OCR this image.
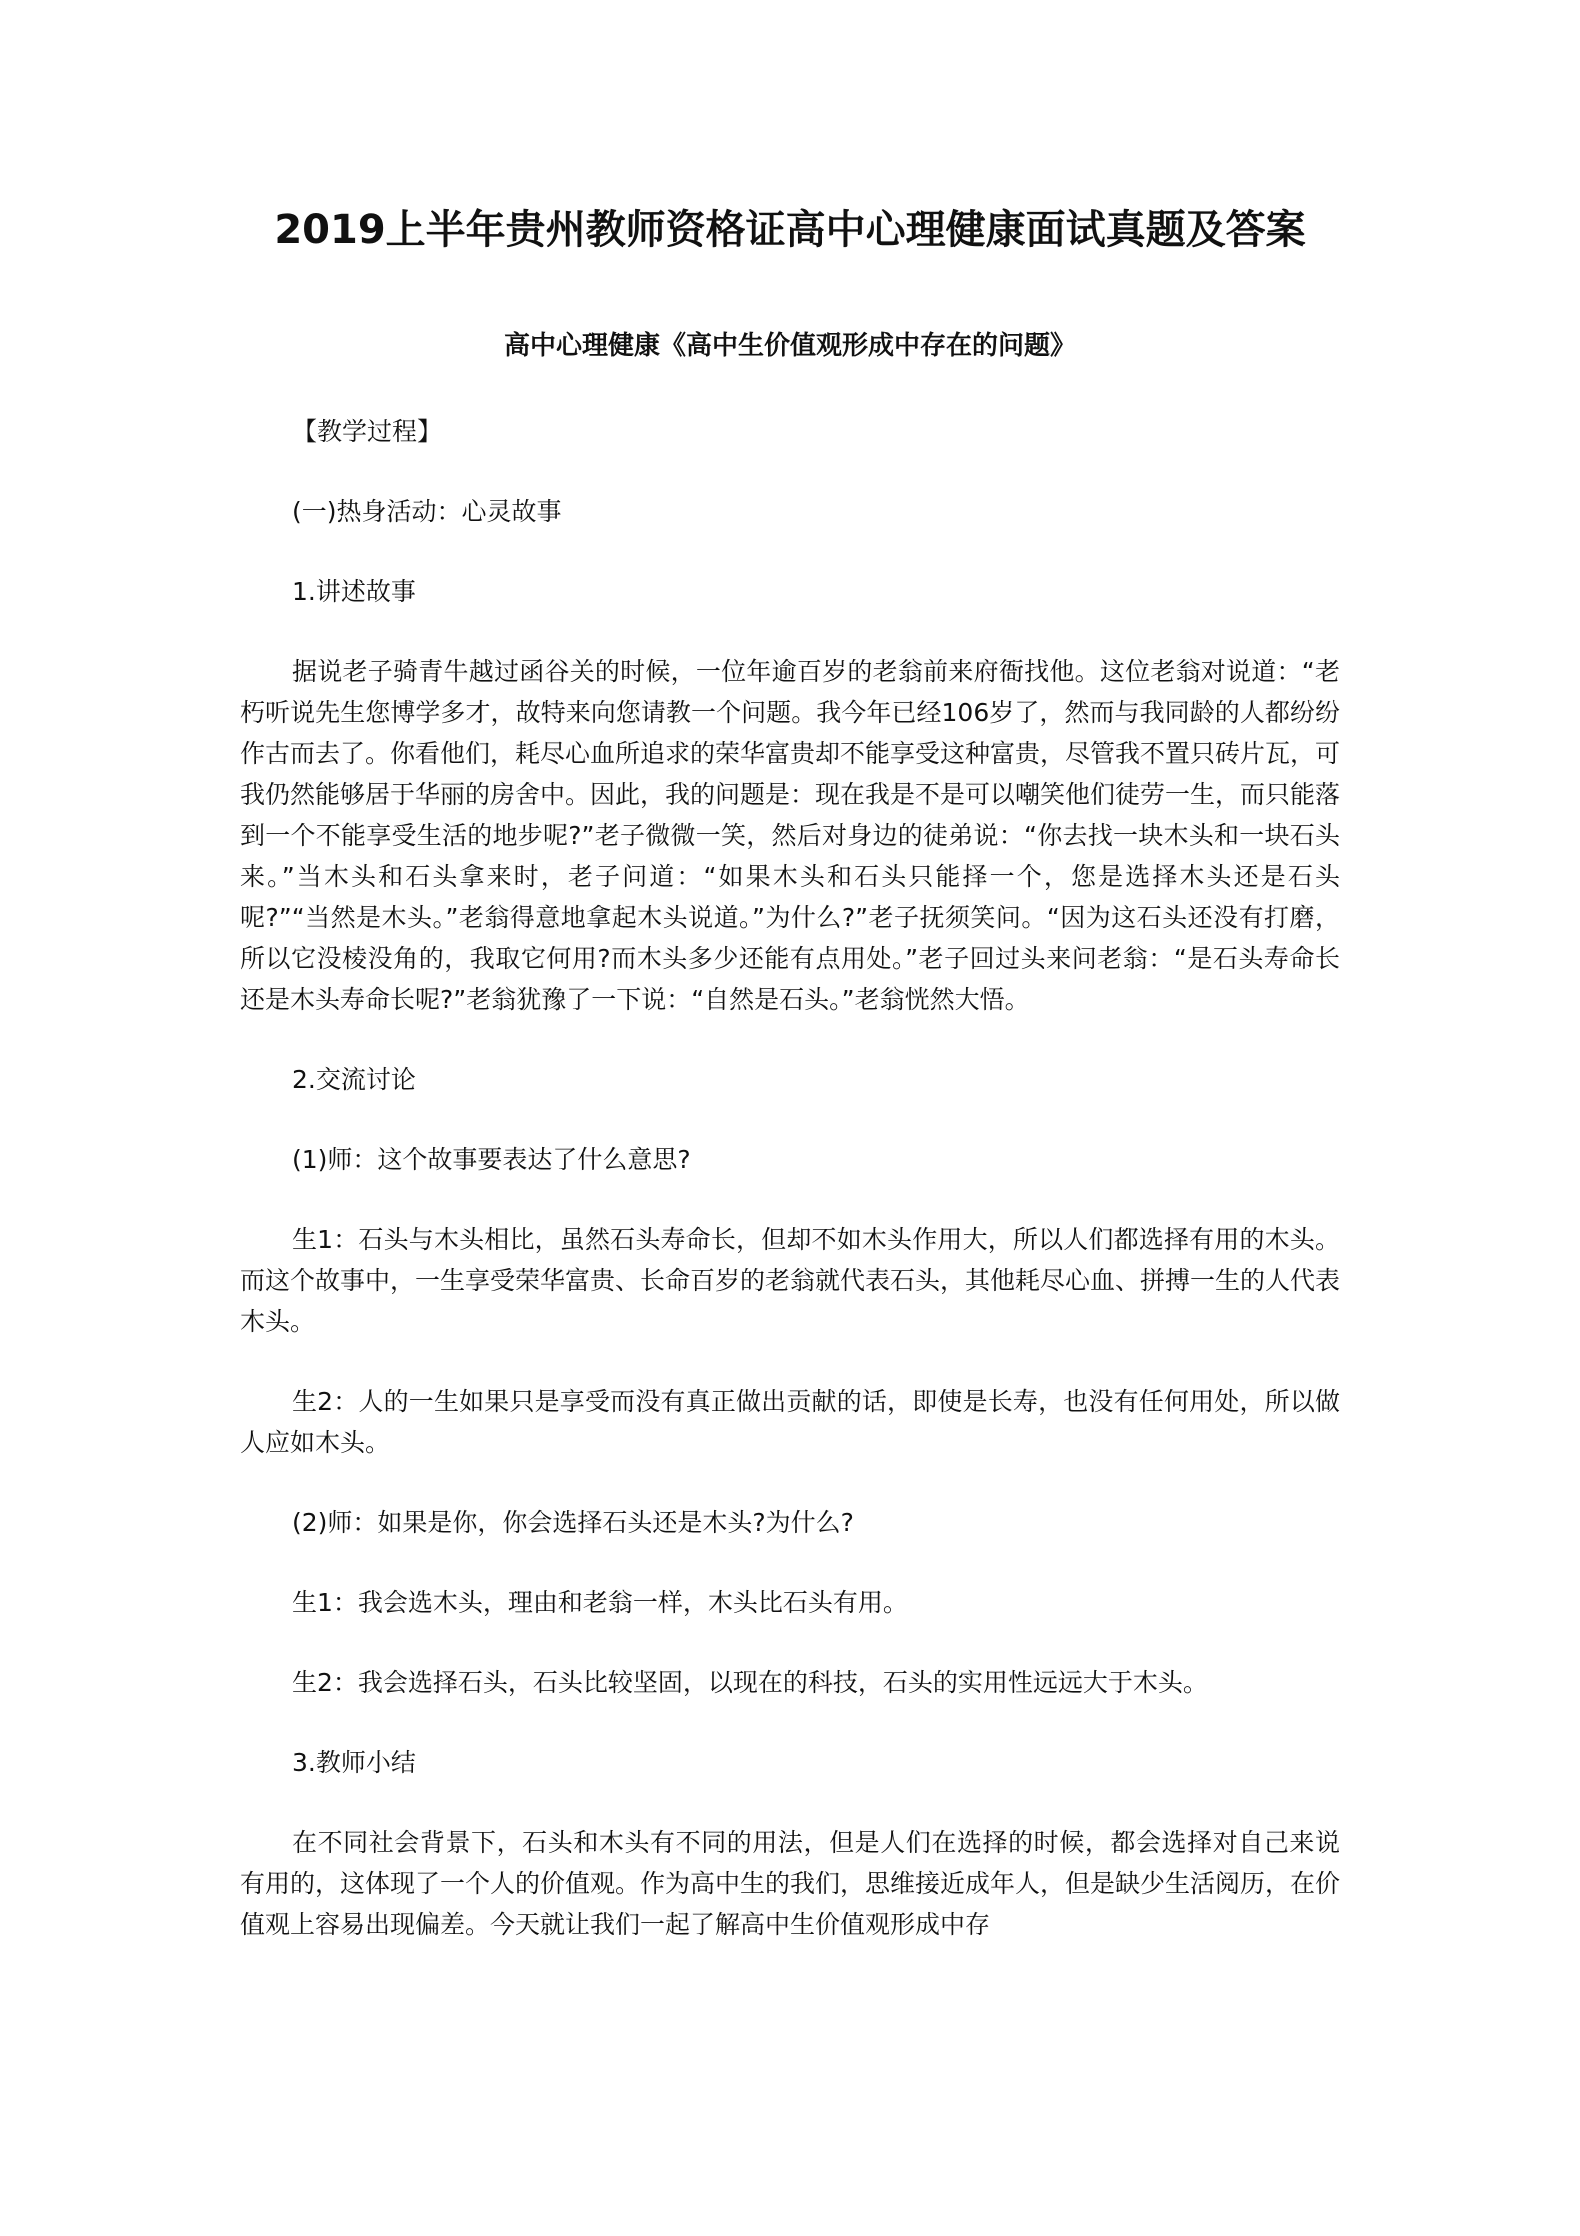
2019上半年贵州教师资格证高中心理健康面试真题及答案
高中心理健康《高中生价值观形成中存在的问题》

【教学过程】

(一)热身活动：心灵故事

1.讲述故事

据说老子骑青牛越过函谷关的时候，一位年逾百岁的老翁前来府衙找他。这位老翁对说道：“老朽听说先生您博学多才，故特来向您请教一个问题。我今年已经106岁了，然而与我同龄的人都纷纷作古而去了。你看他们，耗尽心血所追求的荣华富贵却不能享受这种富贵，尽管我不置只砖片瓦，可我仍然能够居于华丽的房舍中。因此，我的问题是：现在我是不是可以嘲笑他们徒劳一生，而只能落到一个不能享受生活的地步呢?”老子微微一笑，然后对身边的徒弟说：“你去找一块木头和一块石头来。”当木头和石头拿来时，老子问道：“如果木头和石头只能择一个，您是选择木头还是石头呢?”“当然是木头。”老翁得意地拿起木头说道。”为什么?”老子抚须笑问。“因为这石头还没有打磨，所以它没棱没角的，我取它何用?而木头多少还能有点用处。”老子回过头来问老翁：“是石头寿命长还是木头寿命长呢?”老翁犹豫了一下说：“自然是石头。”老翁恍然大悟。

2.交流讨论

(1)师：这个故事要表达了什么意思?

生1：石头与木头相比，虽然石头寿命长，但却不如木头作用大，所以人们都选择有用的木头。而这个故事中，一生享受荣华富贵、长命百岁的老翁就代表石头，其他耗尽心血、拼搏一生的人代表木头。

生2：人的一生如果只是享受而没有真正做出贡献的话，即使是长寿，也没有任何用处，所以做人应如木头。

(2)师：如果是你，你会选择石头还是木头?为什么?

生1：我会选木头，理由和老翁一样，木头比石头有用。

生2：我会选择石头，石头比较坚固，以现在的科技，石头的实用性远远大于木头。

3.教师小结

在不同社会背景下，石头和木头有不同的用法，但是人们在选择的时候，都会选择对自己来说有用的，这体现了一个人的价值观。作为高中生的我们，思维接近成年人，但是缺少生活阅历，在价值观上容易出现偏差。今天就让我们一起了解高中生价值观形成中存
